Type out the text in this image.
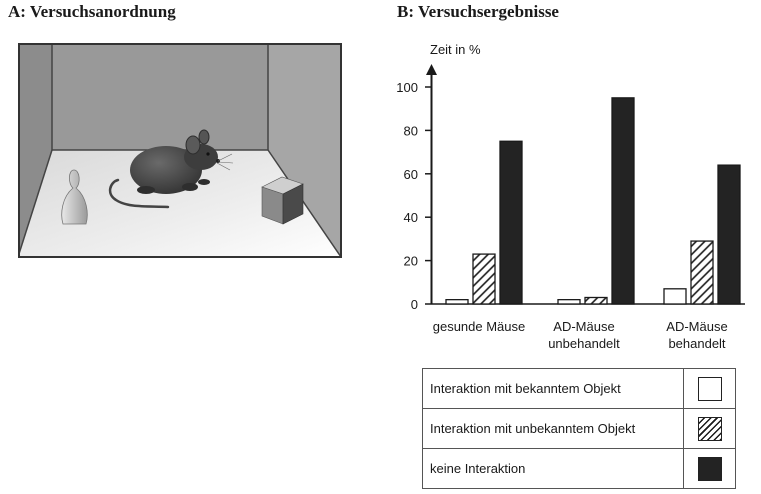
A: Versuchsanordnung	B: Versuchsergebnisse
Zeit in %
0
20
40
60
80
100
gesunde Mäuse AD-Mäuse
unbehandelt
AD-Mäuse
behandelt
Interaktion mit bekanntem Objekt	
Interaktion mit unbekanntem Objekt	
keine Interaktion	
